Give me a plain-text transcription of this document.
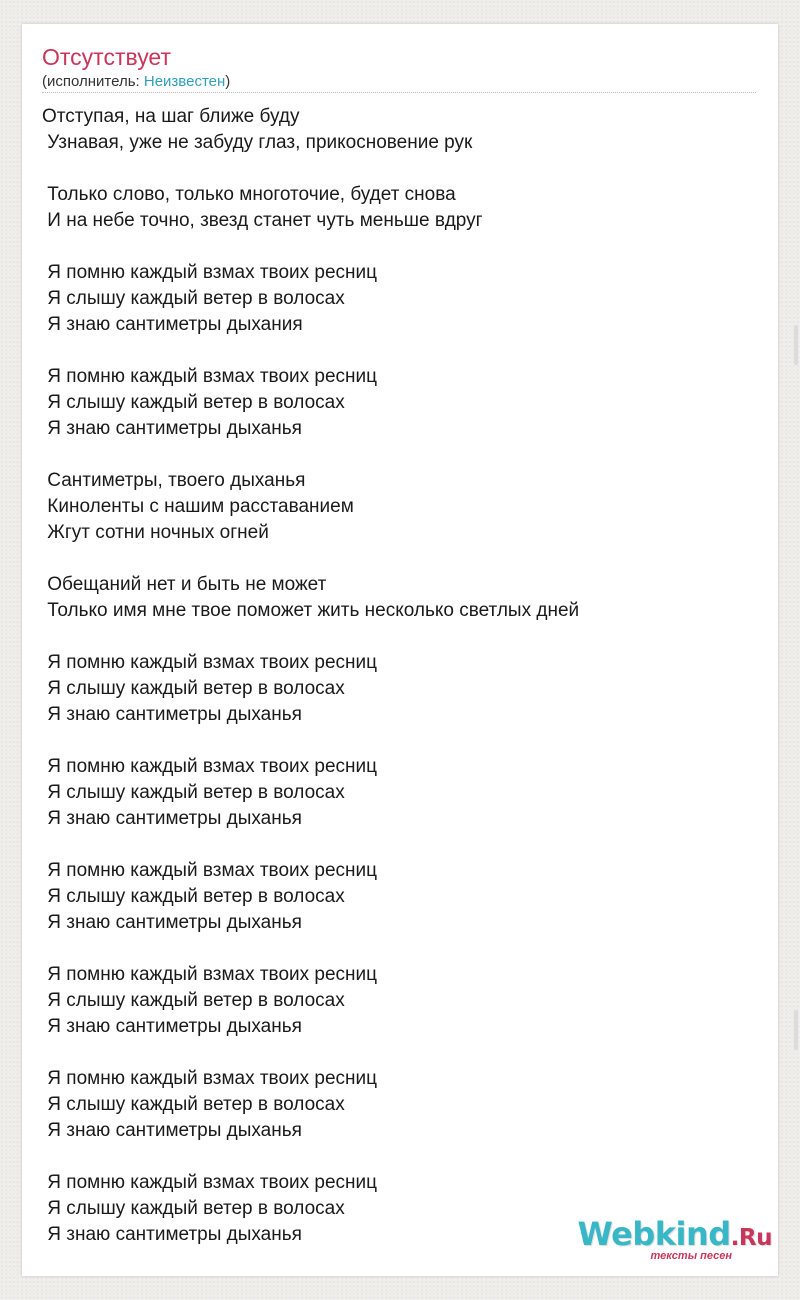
Отсутствует
(исполнитель: Неизвестен)
Отступая, на шаг ближе буду
Узнавая, уже не забуду глаз, прикосновение рук
Только слово, только многоточие, будет снова
И на небе точно, звезд станет чуть меньше вдруг
Я помню каждый взмах твоих ресниц
Я слышу каждый ветер в волосах
Я знаю сантиметры дыхания
Я помню каждый взмах твоих ресниц
Я слышу каждый ветер в волосах
Я знаю сантиметры дыханья
Сантиметры, твоего дыханья
Киноленты с нашим расставанием
Жгут сотни ночных огней
Обещаний нет и быть не может
Только имя мне твое поможет жить несколько светлых дней
Я помню каждый взмах твоих ресниц
Я слышу каждый ветер в волосах
Я знаю сантиметры дыханья
Я помню каждый взмах твоих ресниц
Я слышу каждый ветер в волосах
Я знаю сантиметры дыханья
Я помню каждый взмах твоих ресниц
Я слышу каждый ветер в волосах
Я знаю сантиметры дыханья
Я помню каждый взмах твоих ресниц
Я слышу каждый ветер в волосах
Я знаю сантиметры дыханья
Я помню каждый взмах твоих ресниц
Я слышу каждый ветер в волосах
Я знаю сантиметры дыханья
Я помню каждый взмах твоих ресниц
Я слышу каждый ветер в волосах
Я знаю сантиметры дыханья	Webkind.Ru
тексты песен
